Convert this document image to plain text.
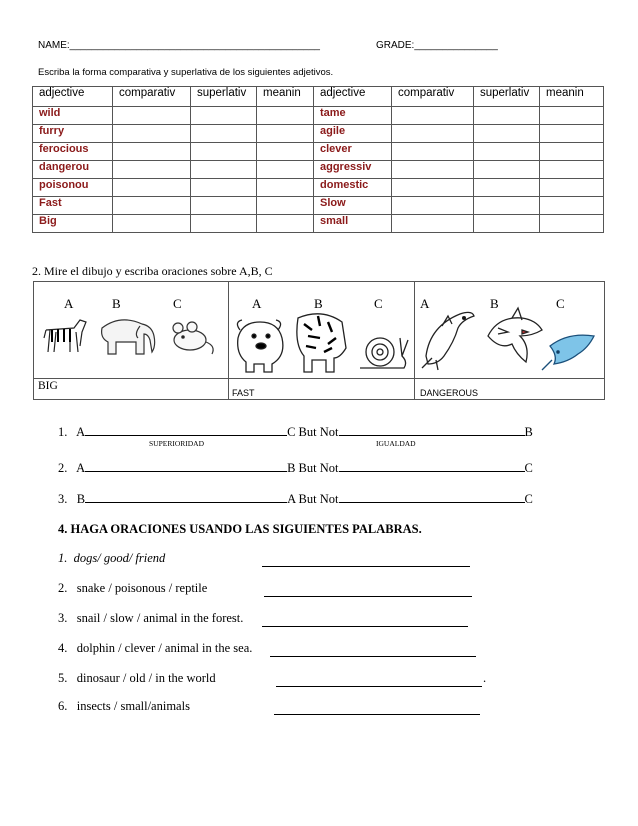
NAME:_____________________________________________	GRADE:_______________
Escriba la forma comparativa y superlativa de los siguientes adjetivos.
adjective	comparativ	superlativ	meanin	adjective	comparativ	superlativ	meanin
wild				tame			
furry				agile			
ferocious				clever			
dangerou				aggressiv			
poisonou				domestic			
Fast				Slow			
Big				small			
2. Mire el dibujo y escriba oraciones sobre A,B, C
A	B	C	A	B	C	A	B	C
BIG
FAST	DANGEROUS
1. A	C But Not	B
SUPERIORIDAD	IGUALDAD
2. A	B But Not	C
3. B	A But Not	C
4. HAGA ORACIONES USANDO LAS SIGUIENTES PALABRAS.
1. dogs/ good/ friend
2. snake / poisonous / reptile
3. snail / slow / animal in the forest.
4. dolphin / clever / animal in the sea.
5. dinosaur / old / in the world	.
6. insects / small/animals
